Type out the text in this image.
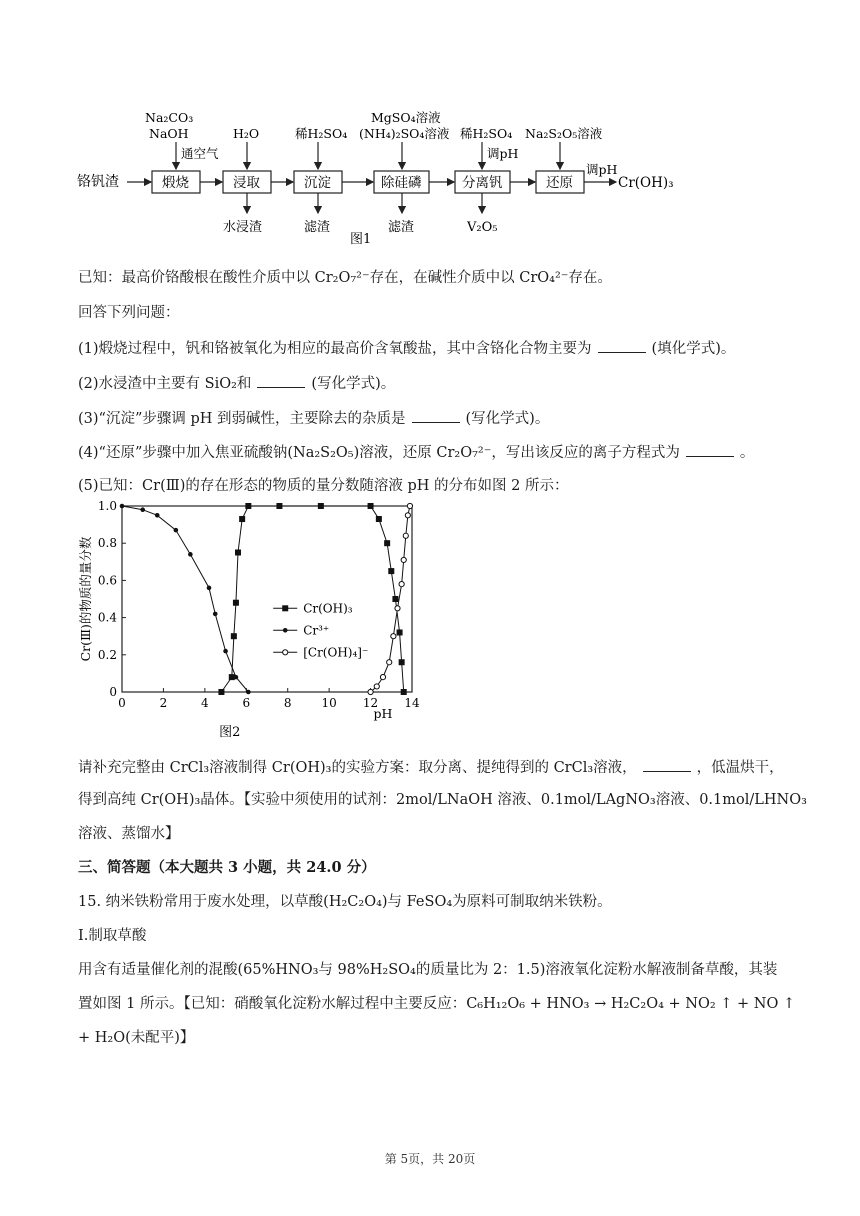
铬钒渣	煅烧	浸取	沉淀	除硅磷	分离钒	还原
调pH
Cr(OH)₃
Na₂CO₃
NaOH
通空气
H₂O	稀H₂SO₄
MgSO₄溶液
(NH₄)₂SO₄溶液 稀H₂SO₄
调pH
Na₂S₂O₅溶液
水浸渣	滤渣	滤渣	V₂O₅
图1
已知：最高价铬酸根在酸性介质中以 Cr₂O₇²⁻存在，在碱性介质中以 CrO₄²⁻存在。
回答下列问题：
(1)煅烧过程中，钒和铬被氧化为相应的最高价含氧酸盐，其中含铬化合物主要为	(填化学式)。
(2)水浸渣中主要有 SiO₂和	(写化学式)。
(3)“沉淀”步骤调 pH 到弱碱性，主要除去的杂质是	(写化学式)。
(4)“还原”步骤中加入焦亚硫酸钠(Na₂S₂O₅)溶液，还原 Cr₂O₇²⁻，写出该反应的离子方程式为	。
(5)已知：Cr(Ⅲ)的存在形态的物质的量分数随溶液 pH 的分布如图 2 所示：
0	2	4	6	8 10 12 14
0
0.2
0.4
0.6
0.8
1.0
pH
Cr(Ⅲ)的物质的量分数
图2
Cr(OH)₃
Cr³⁺
[Cr(OH)₄]⁻
请补充完整由 CrCl₃溶液制得 Cr(OH)₃的实验方案：取分离、提纯得到的 CrCl₃溶液，	，低温烘干，
得到高纯 Cr(OH)₃晶体。【实验中须使用的试剂：2mol/LNaOH 溶液、0.1mol/LAgNO₃溶液、0.1mol/LHNO₃
溶液、蒸馏水】
三、简答题（本大题共 3 小题，共 24.0 分）
15. 纳米铁粉常用于废水处理，以草酸(H₂C₂O₄)与 FeSO₄为原料可制取纳米铁粉。
Ⅰ.制取草酸
用含有适量催化剂的混酸(65%HNO₃与 98%H₂SO₄的质量比为 2：1.5)溶液氧化淀粉水解液制备草酸，其装
置如图 1 所示。【已知：硝酸氧化淀粉水解过程中主要反应：C₆H₁₂O₆ + HNO₃ → H₂C₂O₄ + NO₂ ↑ + NO ↑
+ H₂O(未配平)】
第 5页，共 20页
